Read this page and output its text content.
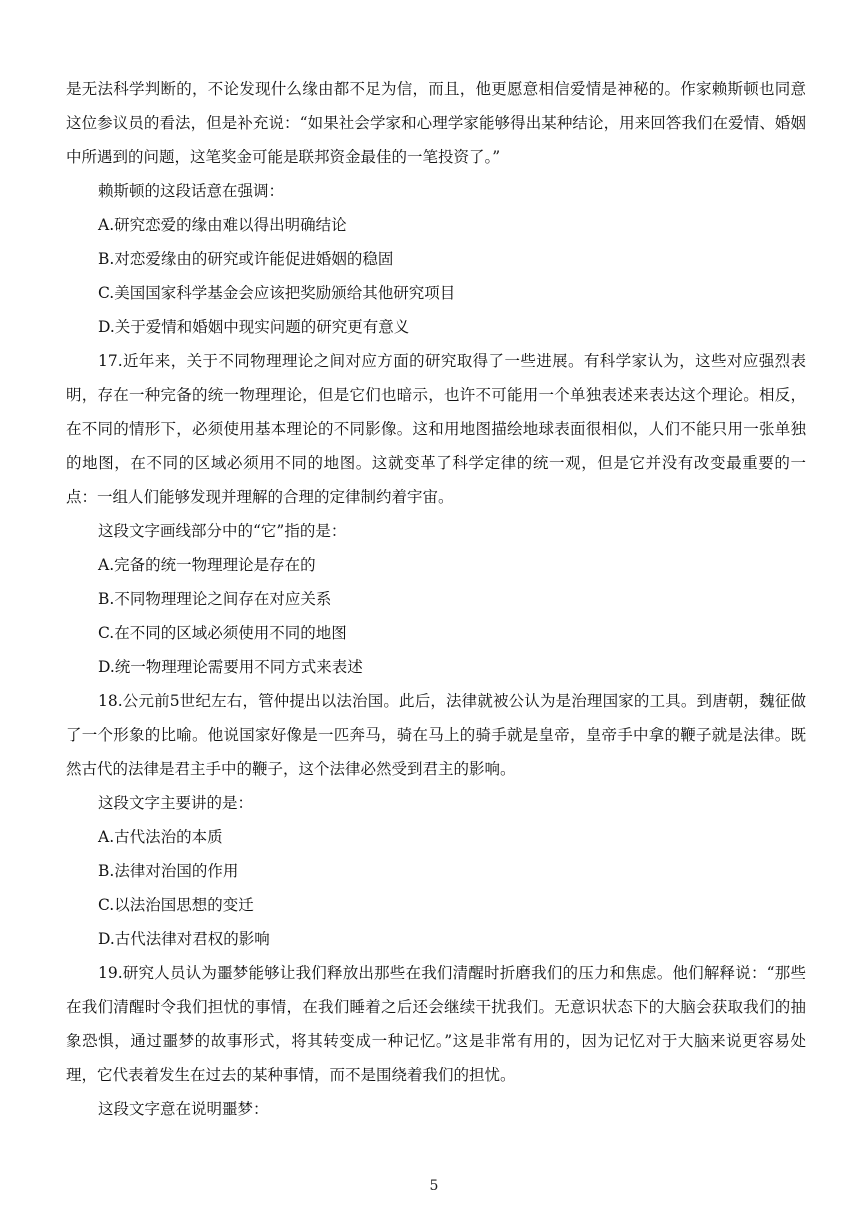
是无法科学判断的，不论发现什么缘由都不足为信，而且，他更愿意相信爱情是神秘的。作家赖斯顿也同意这位参议员的看法，但是补充说：“如果社会学家和心理学家能够得出某种结论，用来回答我们在爱情、婚姻中所遇到的问题，这笔奖金可能是联邦资金最佳的一笔投资了。”

赖斯顿的这段话意在强调：

A.研究恋爱的缘由难以得出明确结论

B.对恋爱缘由的研究或许能促进婚姻的稳固

C.美国国家科学基金会应该把奖励颁给其他研究项目

D.关于爱情和婚姻中现实问题的研究更有意义

17.近年来，关于不同物理理论之间对应方面的研究取得了一些进展。有科学家认为，这些对应强烈表明，存在一种完备的统一物理理论，但是它们也暗示，也许不可能用一个单独表述来表达这个理论。相反，在不同的情形下，必须使用基本理论的不同影像。这和用地图描绘地球表面很相似，人们不能只用一张单独的地图，在不同的区域必须用不同的地图。这就变革了科学定律的统一观，但是它并没有改变最重要的一点：一组人们能够发现并理解的合理的定律制约着宇宙。

这段文字画线部分中的“它”指的是：

A.完备的统一物理理论是存在的

B.不同物理理论之间存在对应关系

C.在不同的区域必须使用不同的地图

D.统一物理理论需要用不同方式来表述

18.公元前5世纪左右，管仲提出以法治国。此后，法律就被公认为是治理国家的工具。到唐朝，魏征做了一个形象的比喻。他说国家好像是一匹奔马，骑在马上的骑手就是皇帝，皇帝手中拿的鞭子就是法律。既然古代的法律是君主手中的鞭子，这个法律必然受到君主的影响。

这段文字主要讲的是：

A.古代法治的本质

B.法律对治国的作用

C.以法治国思想的变迁

D.古代法律对君权的影响

19.研究人员认为噩梦能够让我们释放出那些在我们清醒时折磨我们的压力和焦虑。他们解释说：“那些在我们清醒时令我们担忧的事情，在我们睡着之后还会继续干扰我们。无意识状态下的大脑会获取我们的抽象恐惧，通过噩梦的故事形式，将其转变成一种记忆。”这是非常有用的，因为记忆对于大脑来说更容易处理，它代表着发生在过去的某种事情，而不是围绕着我们的担忧。

这段文字意在说明噩梦：

5
